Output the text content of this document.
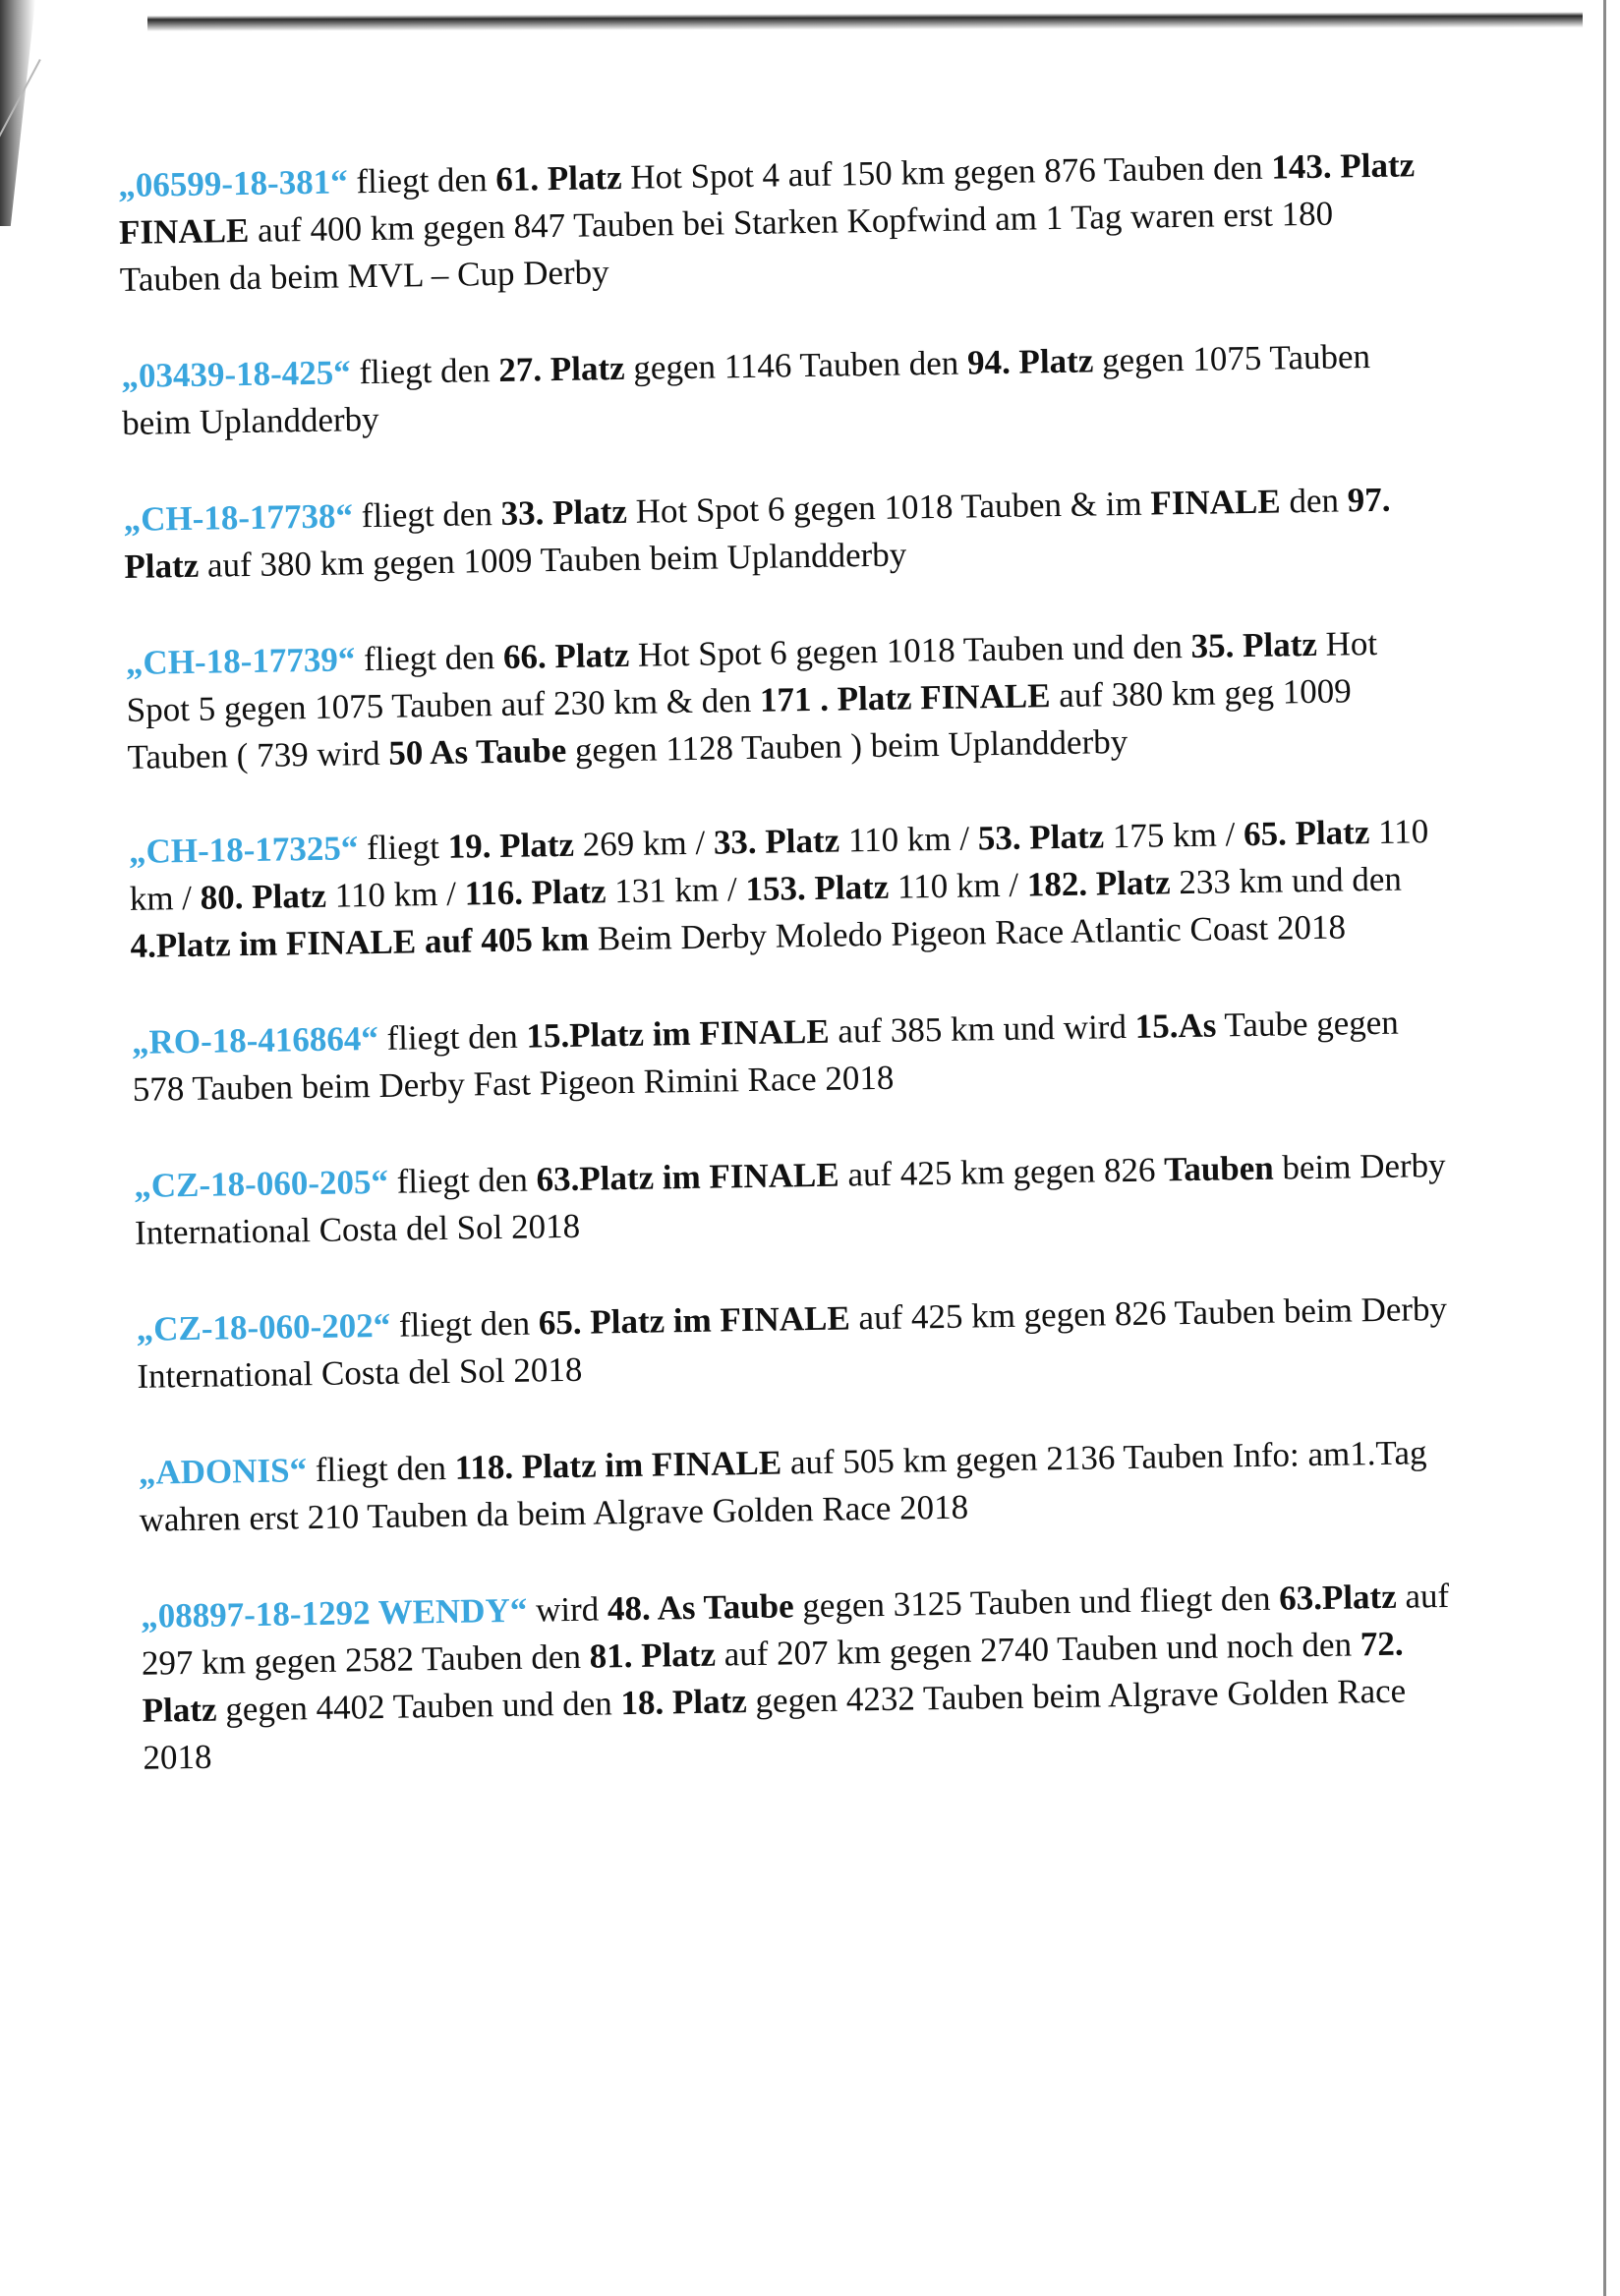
„06599-18-381“ fliegt den 61. Platz Hot Spot 4 auf 150 km gegen 876 Tauben den 143. Platz FINALE auf 400 km gegen 847 Tauben bei Starken Kopfwind am 1 Tag waren erst 180 Tauben da beim MVL – Cup Derby

„03439-18-425“ fliegt den 27. Platz gegen 1146 Tauben den 94. Platz gegen 1075 Tauben beim Uplandderby

„CH-18-17738“ fliegt den 33. Platz Hot Spot 6 gegen 1018 Tauben & im FINALE den 97. Platz auf 380 km gegen 1009 Tauben beim Uplandderby

„CH-18-17739“ fliegt den 66. Platz Hot Spot 6 gegen 1018 Tauben und den 35. Platz Hot Spot 5 gegen 1075 Tauben auf 230 km & den 171 . Platz FINALE auf 380 km geg 1009 Tauben ( 739 wird 50 As Taube gegen 1128 Tauben ) beim Uplandderby

„CH-18-17325“ fliegt 19. Platz 269 km / 33. Platz 110 km / 53. Platz 175 km / 65. Platz 110 km / 80. Platz 110 km / 116. Platz 131 km / 153. Platz 110 km / 182. Platz 233 km und den 4.Platz im FINALE auf 405 km Beim Derby Moledo Pigeon Race Atlantic Coast 2018

„RO-18-416864“ fliegt den 15.Platz im FINALE auf 385 km und wird 15.As Taube gegen 578 Tauben beim Derby Fast Pigeon Rimini Race 2018

„CZ-18-060-205“ fliegt den 63.Platz im FINALE auf 425 km gegen 826 Tauben beim Derby International Costa del Sol 2018

„CZ-18-060-202“ fliegt den 65. Platz im FINALE auf 425 km gegen 826 Tauben beim Derby International Costa del Sol 2018

„ADONIS“ fliegt den 118. Platz im FINALE auf 505 km gegen 2136 Tauben Info: am1.Tag wahren erst 210 Tauben da beim Algrave Golden Race 2018

„08897-18-1292 WENDY“ wird 48. As Taube gegen 3125 Tauben und fliegt den 63.Platz auf 297 km gegen 2582 Tauben den 81. Platz auf 207 km gegen 2740 Tauben und noch den 72. Platz gegen 4402 Tauben und den 18. Platz gegen 4232 Tauben beim Algrave Golden Race 2018
